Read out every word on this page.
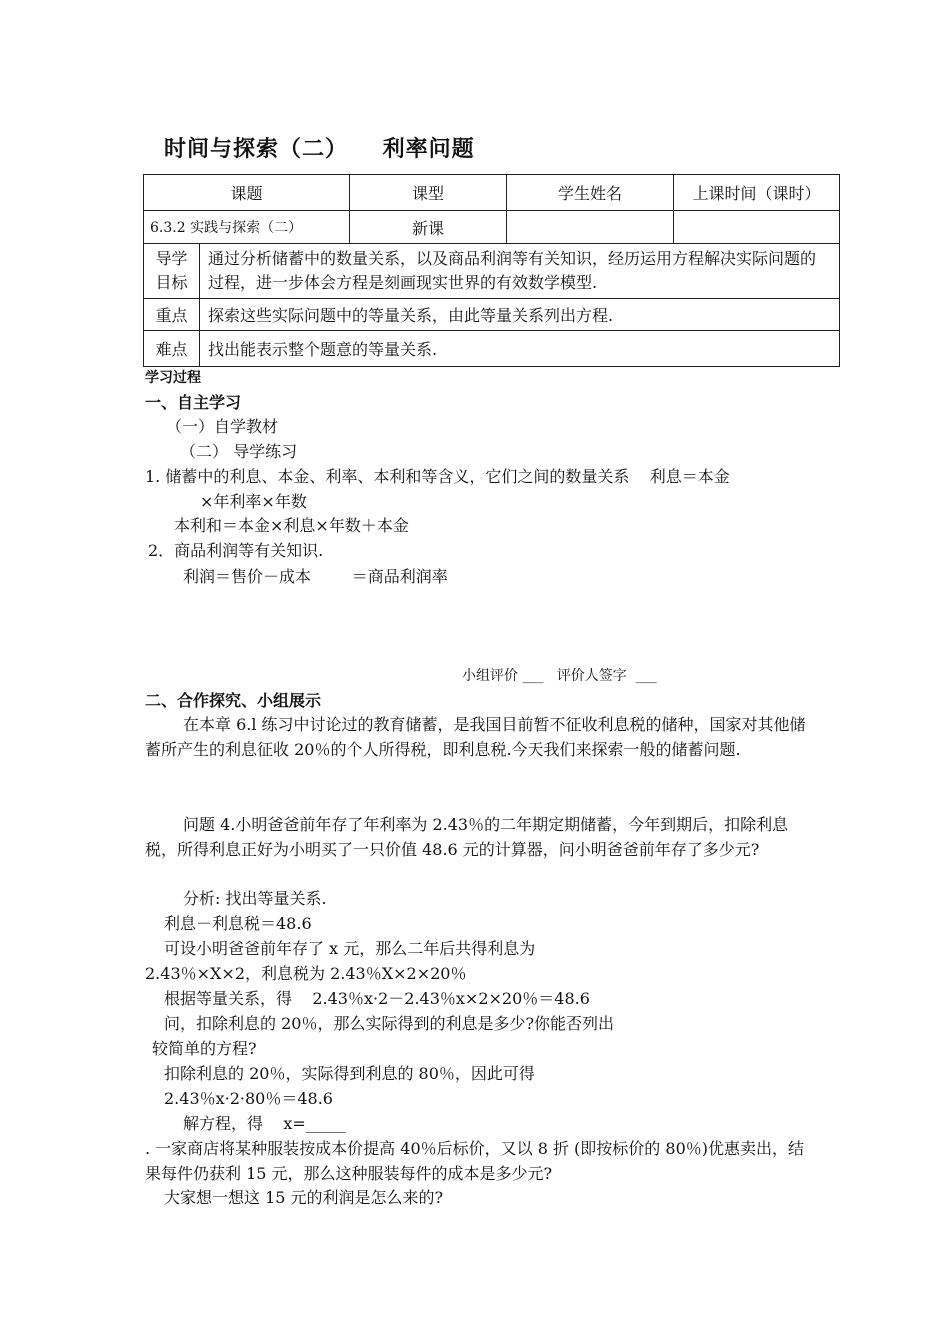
时间与探索（二）    利率问题
课题		课型	学生姓名	上课时间（课时）
6.3.2 实践与探索（二）		新课		
导学目标	通过分析储蓄中的数量关系，以及商品利润等有关知识，经历运用方程解决实际问题的过程，进一步体会方程是刻画现实世界的有效数学模型.			
重点	探索这些实际问题中的等量关系，由此等量关系列出方程.			
难点	找出能表示整个题意的等量关系.			
学习过程
一、自主学习
（一）自学教材
（二） 导学练习
1. 储蓄中的利息、本金、利率、本利和等含义，它们之间的数量关系    利息＝本金
×年利率×年数
本利和＝本金×利息×年数＋本金
2．商品利润等有关知识.
利润＝售价－成本        ＝商品利润率
小组评价 ___   评价人签字  ___
二、合作探究、小组展示
在本章 6.l 练习中讨论过的教育储蓄，是我国目前暂不征收利息税的储种，国家对其他储蓄所产生的利息征收 20％的个人所得税，即利息税.今天我们来探索一般的储蓄问题.
问题 4.小明爸爸前年存了年利率为 2.43％的二年期定期储蓄，今年到期后，扣除利息税，所得利息正好为小明买了一只价值 48.6 元的计算器，问小明爸爸前年存了多少元?
分析: 找出等量关系.
利息－利息税＝48.6
可设小明爸爸前年存了 x 元，那么二年后共得利息为
2.43％×X×2，利息税为 2.43％X×2×20％
根据等量关系，得    2.43％x·2－2.43％x×2×20％＝48.6
问，扣除利息的 20％，那么实际得到的利息是多少?你能否列出
较简单的方程?
扣除利息的 20％，实际得到利息的 80％，因此可得
2.43％x·2·80％＝48.6
解方程，得    x=_____
. 一家商店将某种服装按成本价提高 40％后标价，又以 8 折 (即按标价的 80％)优惠卖出，结果每件仍获利 15 元，那么这种服装每件的成本是多少元?
大家想一想这 15 元的利润是怎么来的?
